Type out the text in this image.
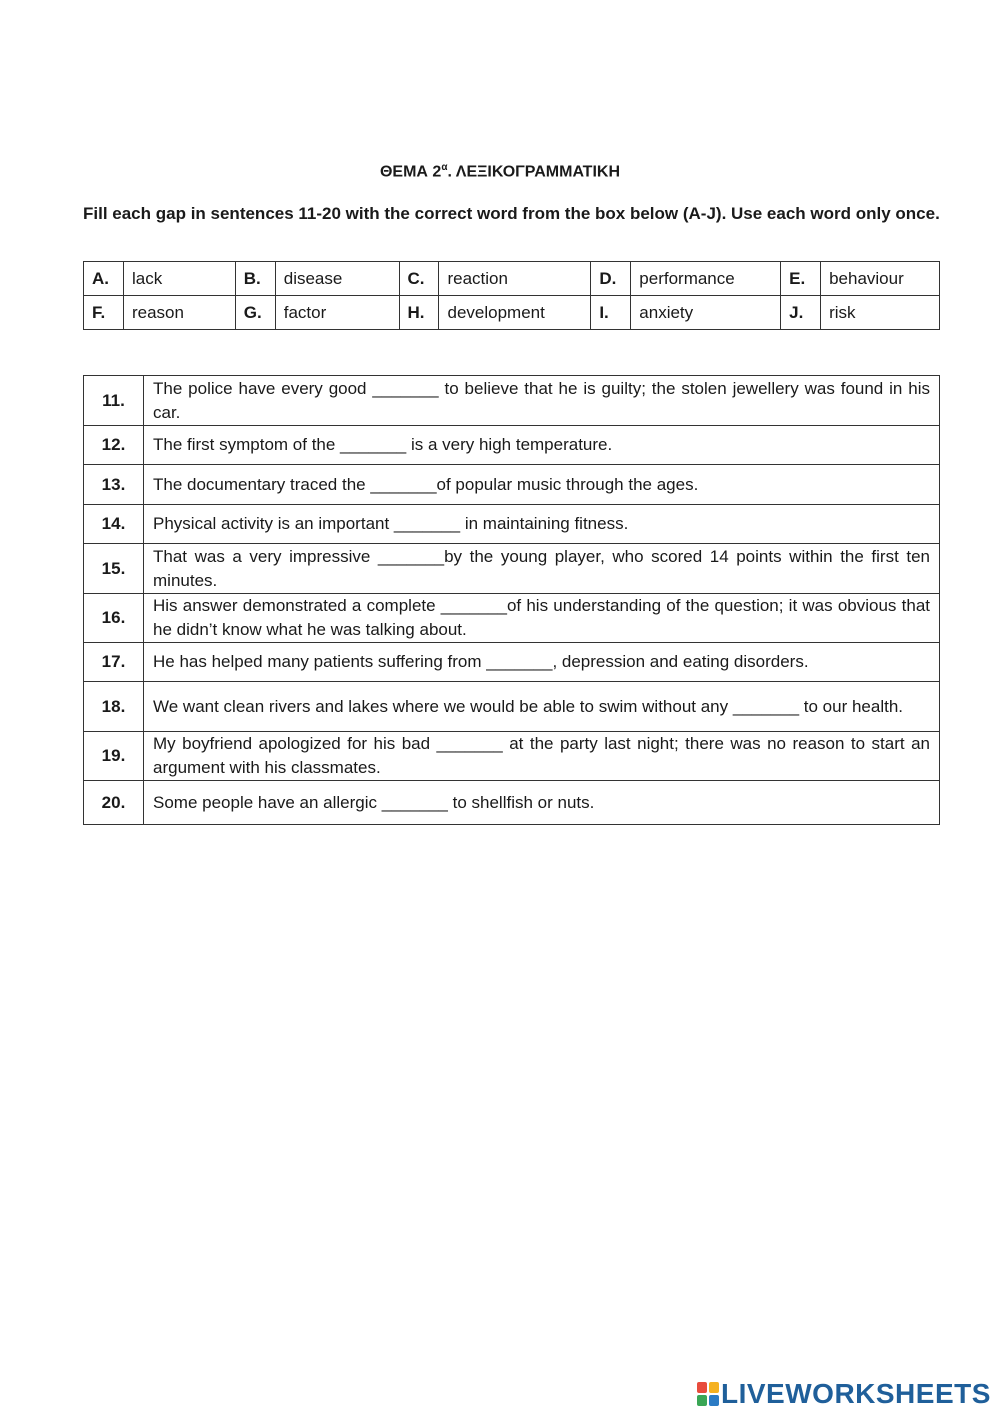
ΘΕΜΑ $2^\alpha$. ΛΕΞΙΚΟΓΡΑΜΜΑΤΙΚΗ
Fill each gap in sentences 11-20 with the correct word from the box below (A-J). Use each word only once.
A.	lack	B.	disease	C.	reaction	D.	performance	E.	behaviour
F.	reason	G.	factor	H.	development	I.	anxiety	J.	risk
11.	The police have every good _______ to believe that he is guilty; the stolen jewellery was found in his car.
12.	The first symptom of the _______ is a very high temperature.
13.	The documentary traced the _______of popular music through the ages.
14.	Physical activity is an important _______ in maintaining fitness.
15.	That was a very impressive _______by the young player, who scored 14 points within the first ten minutes.
16.	His answer demonstrated a complete _______of his understanding of the question; it was obvious that he didn’t know what he was talking about.
17.	He has helped many patients suffering from _______, depression and eating disorders.
18.	We want clean rivers and lakes where we would be able to swim without any _______ to our health.
19.	My boyfriend apologized for his bad _______ at the party last night; there was no reason to start an argument with his classmates.
20.	Some people have an allergic _______ to shellfish or nuts.
LIVEWORKSHEETS
